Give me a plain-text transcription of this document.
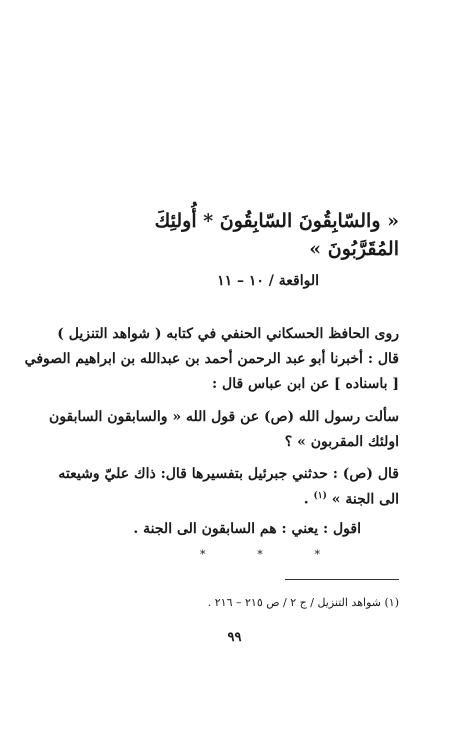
« والسّابِقُونَ السّابِقُونَ * أُولئِكَ
المُقَرَّبُونَ »
الواقعة / ١٠ – ١١
روى الحافظ الحسكاني الحنفي في كتابه ( شواهد التنزيل )
قال : أخبرنا أبو عبد الرحمن أحمد بن عبدالله بن ابراهيم الصوفي
[ باسناده ] عن ابن عباس قال :
سألت رسول الله (ص) عن قول الله « والسابقون السابقون
اولئك المقربون » ؟
قال (ص) : حدثني جبرئيل بتفسيرها قال: ذاك عليّ وشيعته
الى الجنة » $^{(١)}$ .
اقول : يعني : هم السابقون الى الجنة .
*	*	*
(١) شواهد التنزيل / ج ٢ / ص ٢١٥ – ٢١٦ .
٩٩
